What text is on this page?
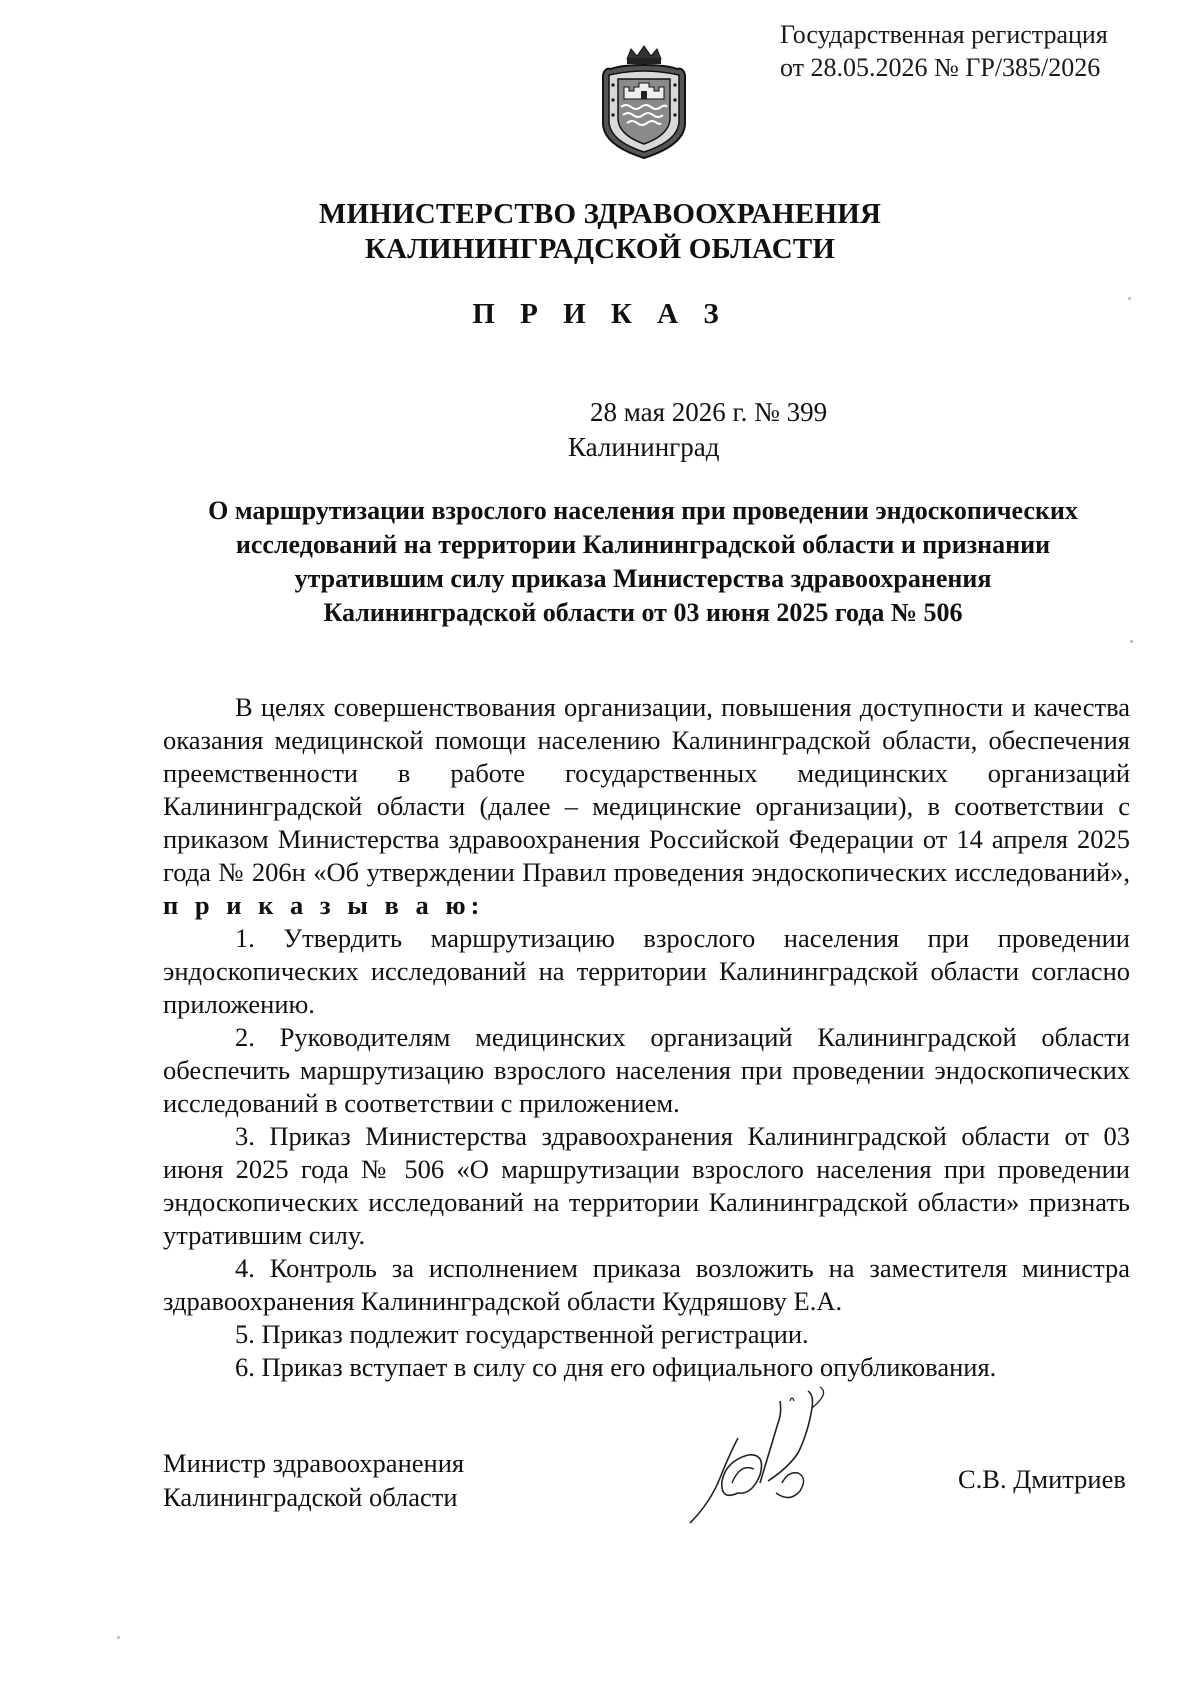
Государственная регистрация
от 28.05.2026 № ГР/385/2026
МИНИСТЕРСТВО ЗДРАВООХРАНЕНИЯ
КАЛИНИНГРАДСКОЙ ОБЛАСТИ
П Р И К А З
28 мая 2026 г. № 399
Калининград
О маршрутизации взрослого населения при проведении эндоскопических
исследований на территории Калининградской области и признании
утратившим силу приказа Министерства здравоохранения
Калининградской области от 03 июня 2025 года № 506

В целях совершенствования организации, повышения доступности и качества оказания медицинской помощи населению Калининградской области, обеспечения преемственности в работе государственных медицинских организаций Калининградской области (далее – медицинские организации), в соответствии с приказом Министерства здравоохранения Российской Федерации от 14 апреля 2025 года № 206н «Об утверждении Правил проведения эндоскопических исследований», п р и к а з ы в а ю:

1. Утвердить маршрутизацию взрослого населения при проведении эндоскопических исследований на территории Калининградской области согласно приложению.

2. Руководителям медицинских организаций Калининградской области обеспечить маршрутизацию взрослого населения при проведении эндоскопических исследований в соответствии с приложением.

3. Приказ Министерства здравоохранения Калининградской области от 03 июня 2025 года № 506 «О маршрутизации взрослого населения при проведении эндоскопических исследований на территории Калининградской области» признать утратившим силу.

4. Контроль за исполнением приказа возложить на заместителя министра здравоохранения Калининградской области Кудряшову Е.А.

5. Приказ подлежит государственной регистрации.

6. Приказ вступает в силу со дня его официального опубликования.

Министр здравоохранения
Калининградской области
С.В. Дмитриев
